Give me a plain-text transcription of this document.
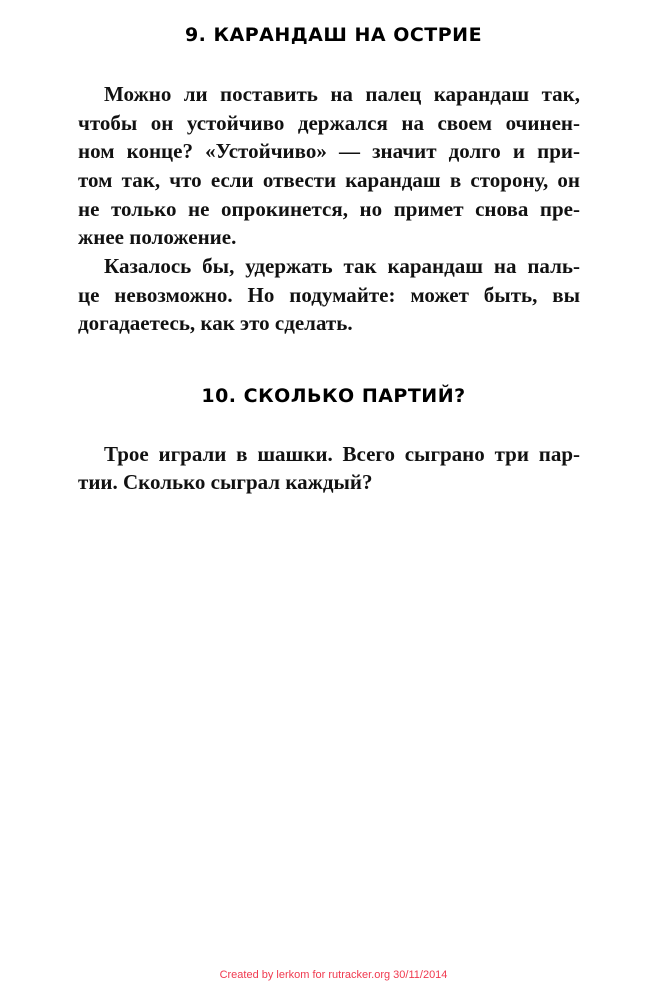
9. КАРАНДАШ НА ОСТРИЕ
Можно ли поставить на палец карандаш так,
чтобы он устойчиво держался на своем очинен-
ном конце? «Устойчиво» — значит долго и при-
том так, что если отвести карандаш в сторону, он
не только не опрокинется, но примет снова пре-
жнее положение.
Казалось бы, удержать так карандаш на паль-
це невозможно. Но подумайте: может быть, вы
догадаетесь, как это сделать.
10. СКОЛЬКО ПАРТИЙ?
Трое играли в шашки. Всего сыграно три пар-
тии. Сколько сыграл каждый?
Created by lerkom for rutracker.org 30/11/2014
